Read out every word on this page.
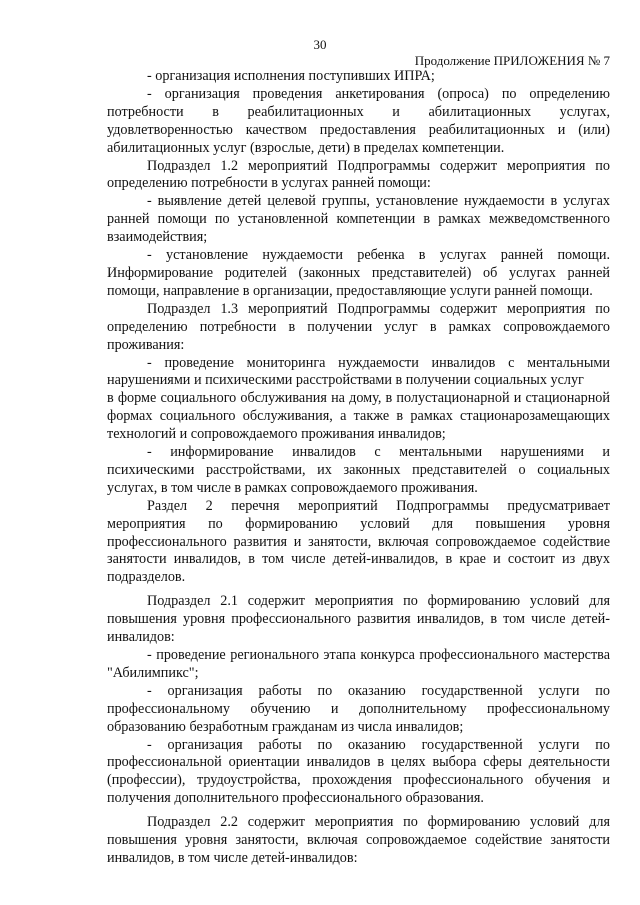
30
Продолжение ПРИЛОЖЕНИЯ № 7

- организация исполнения поступивших ИПРА;

- организация проведения анкетирования (опроса) по определению потребности в реабилитационных и абилитационных услугах, удовлетворенностью качеством предоставления реабилитационных и (или) абилитационных услуг (взрослые, дети) в пределах компетенции.

Подраздел 1.2 мероприятий Подпрограммы содержит мероприятия по определению потребности в услугах ранней помощи:

- выявление детей целевой группы, установление нуждаемости в услугах ранней помощи по установленной компетенции в рамках межведомственного взаимодействия;

- установление нуждаемости ребенка в услугах ранней помощи. Информирование родителей (законных представителей) об услугах ранней помощи, направление в организации, предоставляющие услуги ранней помощи.

Подраздел 1.3 мероприятий Подпрограммы содержит мероприятия по определению потребности в получении услуг в рамках сопровождаемого проживания:

- проведение мониторинга нуждаемости инвалидов с ментальными нарушениями и психическими расстройствами в получении социальных услуг

в форме социального обслуживания на дому, в полустационарной и стационарной формах социального обслуживания, а также в рамках стационарозамещающих технологий и сопровождаемого проживания инвалидов;

- информирование инвалидов с ментальными нарушениями и психическими расстройствами, их законных представителей о социальных услугах, в том числе в рамках сопровождаемого проживания.

Раздел 2 перечня мероприятий Подпрограммы предусматривает мероприятия по формированию условий для повышения уровня профессионального развития и занятости, включая сопровождаемое содействие занятости инвалидов, в том числе детей-инвалидов, в крае и состоит из двух подразделов.

Подраздел 2.1 содержит мероприятия по формированию условий для повышения уровня профессионального развития инвалидов, в том числе детей-инвалидов:

- проведение регионального этапа конкурса профессионального мастерства "Абилимпикс";

- организация работы по оказанию государственной услуги по профессиональному обучению и дополнительному профессиональному образованию безработным гражданам из числа инвалидов;

- организация работы по оказанию государственной услуги по профессиональной ориентации инвалидов в целях выбора сферы деятельности (профессии), трудоустройства, прохождения профессионального обучения и получения дополнительного профессионального образования.

Подраздел 2.2 содержит мероприятия по формированию условий для повышения уровня занятости, включая сопровождаемое содействие занятости инвалидов, в том числе детей-инвалидов:
